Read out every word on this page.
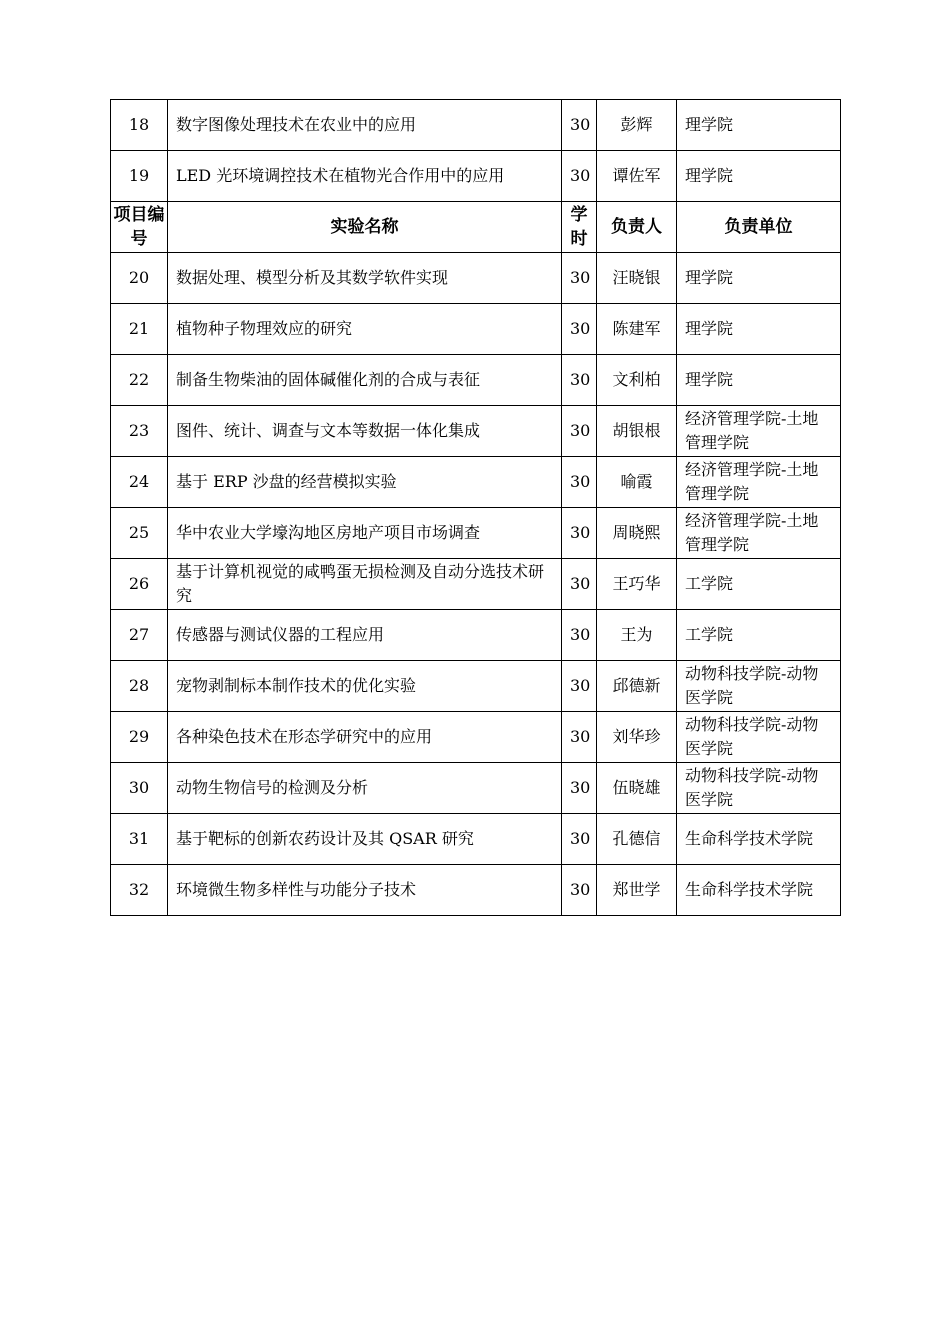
18	数字图像处理技术在农业中的应用	30	彭辉	理学院
19	LED 光环境调控技术在植物光合作用中的应用	30	谭佐军	理学院
项目编号	实验名称	学时	负责人	负责单位
20	数据处理、模型分析及其数学软件实现	30	汪晓银	理学院
21	植物种子物理效应的研究	30	陈建军	理学院
22	制备生物柴油的固体碱催化剂的合成与表征	30	文利柏	理学院
23	图件、统计、调查与文本等数据一体化集成	30	胡银根	经济管理学院-土地管理学院
24	基于 ERP 沙盘的经营模拟实验	30	喻霞	经济管理学院-土地管理学院
25	华中农业大学壕沟地区房地产项目市场调查	30	周晓熙	经济管理学院-土地管理学院
26	基于计算机视觉的咸鸭蛋无损检测及自动分选技术研究	30	王巧华	工学院
27	传感器与测试仪器的工程应用	30	王为	工学院
28	宠物剥制标本制作技术的优化实验	30	邱德新	动物科技学院-动物医学院
29	各种染色技术在形态学研究中的应用	30	刘华珍	动物科技学院-动物医学院
30	动物生物信号的检测及分析	30	伍晓雄	动物科技学院-动物医学院
31	基于靶标的创新农药设计及其 QSAR 研究	30	孔德信	生命科学技术学院
32	环境微生物多样性与功能分子技术	30	郑世学	生命科学技术学院
